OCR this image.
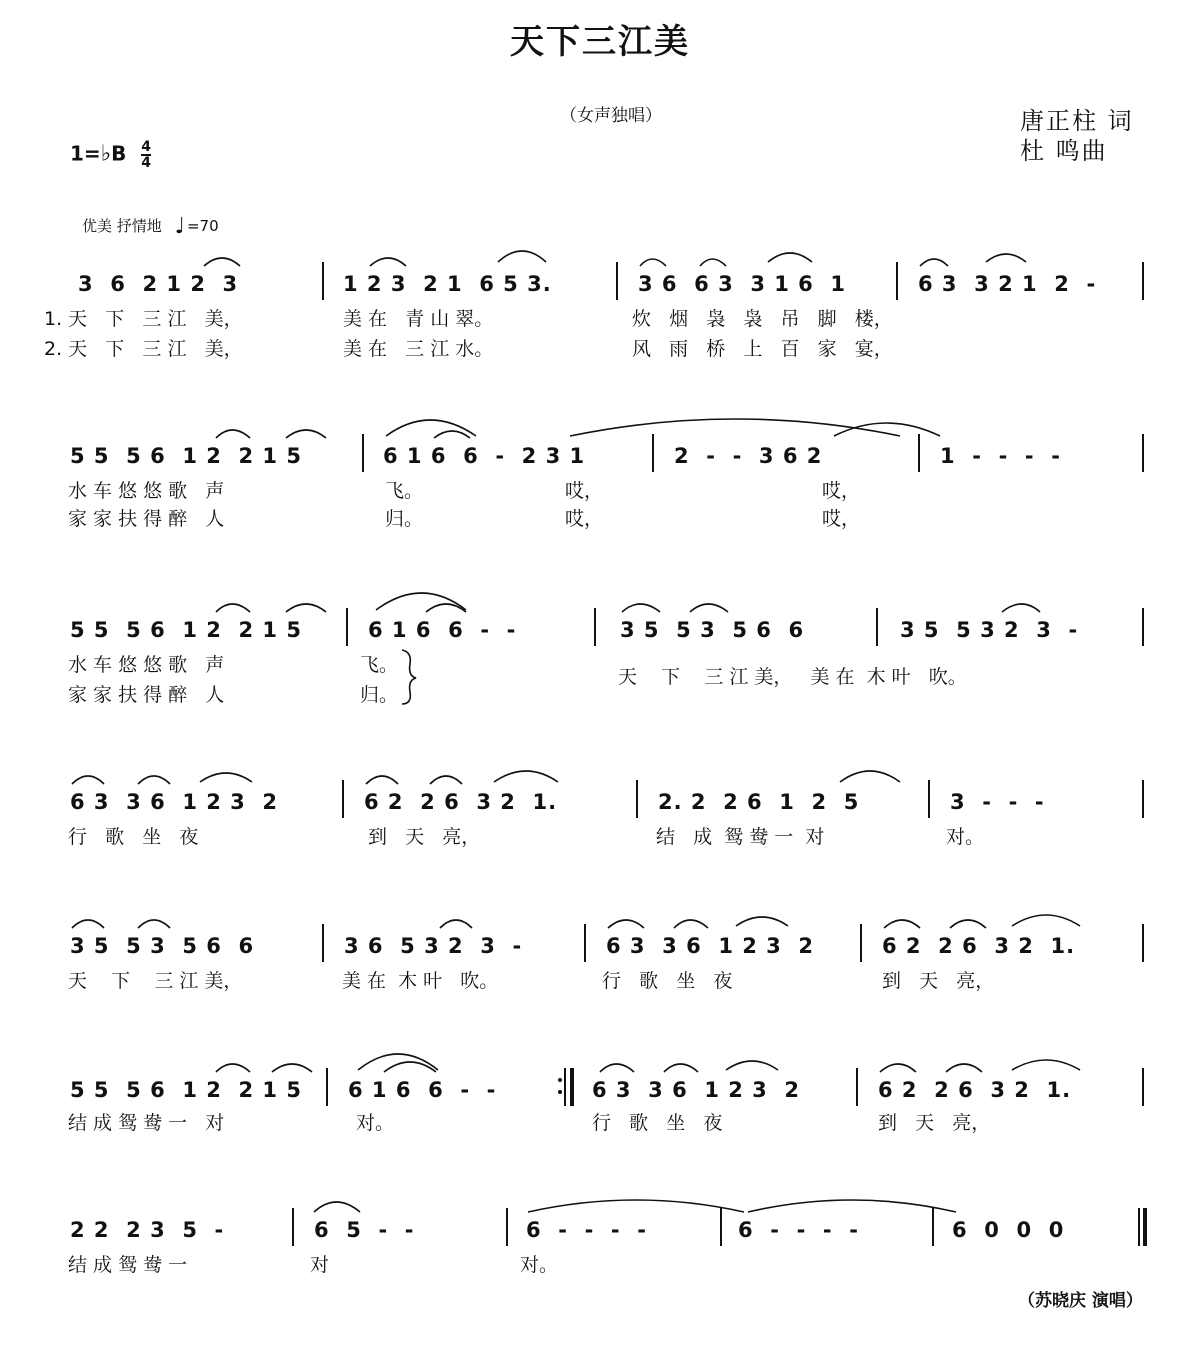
天下三江美
（女声独唱）	唐正柱 词
杜 鸣曲
1=♭B $\frac{4}{4}$
优美 抒情地 ♩ =70
3  6  2 1 2  3	1 2 3  2 1  6 5 3.	3 6  6 3  3 1 6  1	6 3  3 2 1  2  -
1. 天   下   三 江   美，	美 在   青 山 翠。	炊   烟   袅   袅   吊   脚   楼，
2. 天   下   三 江   美，	美 在   三 江 水。	风   雨   桥   上   百   家   宴，
5 5  5 6  1 2  2 1 5	6 1 6  6  -  2 3 1	2  -  -  3 6 2	1  -  -  -  -
水 车 悠 悠 歌   声	飞。	哎，	哎，
家 家 扶 得 醉   人	归。	哎，	哎，
5 5  5 6  1 2  2 1 5	6 1 6  6  -  -	3 5  5 3  5 6  6	3 5  5 3 2  3  -
水 车 悠 悠 歌   声	飞。
家 家 扶 得 醉   人	归。
天    下    三 江 美，   美 在  木 叶   吹。
6 3  3 6  1 2 3  2	6 2  2 6  3 2  1.	2. 2  2 6  1  2  5	3  -  -  -
行   歌   坐   夜	到   天   亮，	结   成  鸳 鸯 一  对	对。
3 5  5 3  5 6  6	3 6  5 3 2  3  -	6 3  3 6  1 2 3  2	6 2  2 6  3 2  1.
天    下    三 江 美，	美 在  木 叶   吹。	行   歌   坐   夜	到   天   亮，
5 5  5 6  1 2  2 1 5 6 1 6  6  -  -	6 3  3 6  1 2 3  2	6 2  2 6  3 2  1.
结 成 鸳 鸯 一   对	对。	行   歌   坐   夜	到   天   亮，
2 2  2 3  5  -	6  5  -  -	6  -  -  -  -	6  -  -  -  -	6  0  0  0
结 成 鸳 鸯 一	对	对。
（苏晓庆 演唱）
